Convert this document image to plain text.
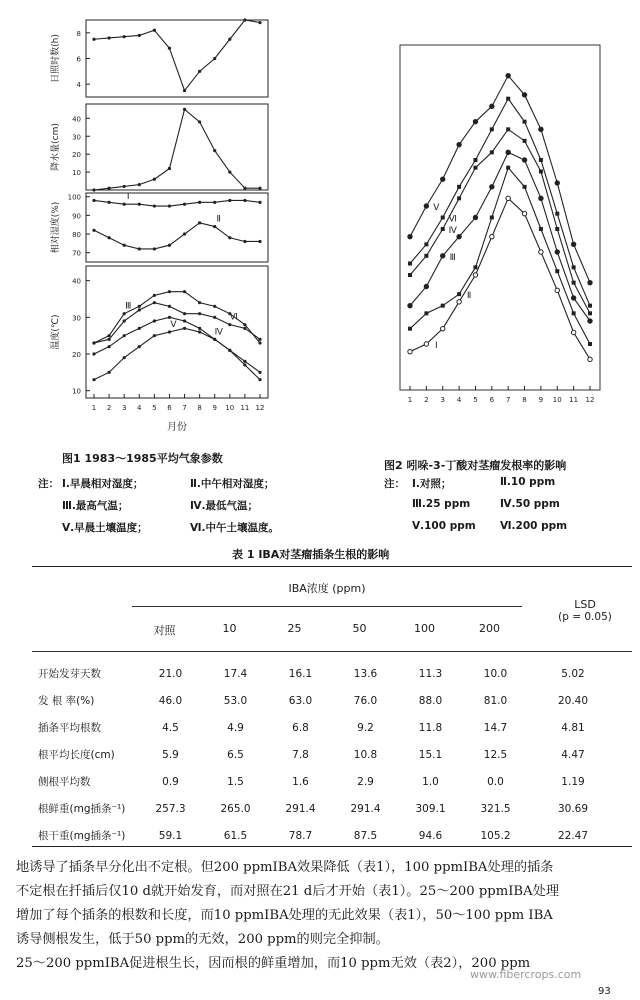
8
6
4
日照时数(h)
40
30
20
10
降水量(cm)
100
90
80
70
相对湿度(%)
Ⅰ
Ⅱ
40
30
20
10
温度(℃)
Ⅲ
Ⅳ
Ⅴ
Ⅵ
1 2 3 4 5 6 7 8 9 10 11 12
月份
图1 1983～1985平均气象参数
注： Ⅰ.早晨相对湿度；	Ⅱ.中午相对湿度；
Ⅲ.最高气温；	Ⅳ.最低气温；
Ⅴ.早晨土壤温度；	Ⅵ.中午土壤温度。
Ⅰ
Ⅱ
Ⅲ
Ⅳ
Ⅴ
Ⅵ
1 2 3 4 5 6 7 8 9 10 11 12
图2 吲哚-3-丁酸对茎瘤发根率的影响
注： Ⅰ.对照；	Ⅱ.10 ppm
Ⅲ.25 ppm	Ⅳ.50 ppm
Ⅴ.100 ppm Ⅵ.200 ppm
表 1 IBA对茎瘤插条生根的影响
IBA浓度 (ppm)
LSD
(p = 0.05)
对照	10	25	50	100	200
开始发芽天数	21.0	17.4	16.1	13.6	11.3	10.0	5.02
发 根 率(%)	46.0	53.0	63.0	76.0	88.0	81.0	20.40
插条平均根数	4.5	4.9	6.8	9.2	11.8	14.7	4.81
根平均长度(cm)	5.9	6.5	7.8	10.8	15.1	12.5	4.47
侧根平均数	0.9	1.5	1.6	2.9	1.0	0.0	1.19
根鲜重(mg插条⁻¹)	257.3	265.0	291.4	291.4	309.1	321.5	30.69
根干重(mg插条⁻¹)	59.1	61.5	78.7	87.5	94.6	105.2	22.47
地诱导了插条早分化出不定根。但200 ppmIBA效果降低（表1），100 ppmIBA处理的插条
不定根在扦插后仅10 d就开始发育，而对照在21 d后才开始（表1）。25～200 ppmIBA处理
增加了每个插条的根数和长度，而10 ppmIBA处理的无此效果（表1），50～100 ppm IBA
诱导侧根发生，低于50 ppm的无效，200 ppm的则完全抑制。
25～200 ppmIBA促进根生长，因而根的鲜重增加，而10 ppm无效（表2），200 ppm
93
www.fibercrops.com
